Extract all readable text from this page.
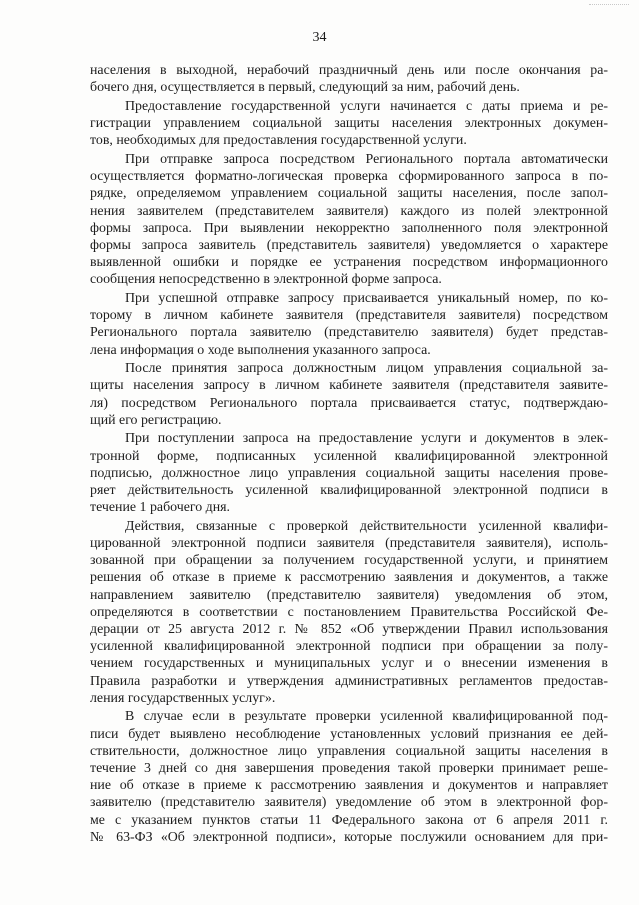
34
населения в выходной, нерабочий праздничный день или после окончания ра-
бочего дня, осуществляется в первый, следующий за ним, рабочий день.
Предоставление государственной услуги начинается с даты приема и ре-
гистрации управлением социальной защиты населения электронных докумен-
тов, необходимых для предоставления государственной услуги.
При отправке запроса посредством Регионального портала автоматически
осуществляется форматно-логическая проверка сформированного запроса в по-
рядке, определяемом управлением социальной защиты населения, после запол-
нения заявителем (представителем заявителя) каждого из полей электронной
формы запроса. При выявлении некорректно заполненного поля электронной
формы запроса заявитель (представитель заявителя) уведомляется о характере
выявленной ошибки и порядке ее устранения посредством информационного
сообщения непосредственно в электронной форме запроса.
При успешной отправке запросу присваивается уникальный номер, по ко-
торому в личном кабинете заявителя (представителя заявителя) посредством
Регионального портала заявителю (представителю заявителя) будет представ-
лена информация о ходе выполнения указанного запроса.
После принятия запроса должностным лицом управления социальной за-
щиты населения запросу в личном кабинете заявителя (представителя заявите-
ля) посредством Регионального портала присваивается статус, подтверждаю-
щий его регистрацию.
При поступлении запроса на предоставление услуги и документов в элек-
тронной форме, подписанных усиленной квалифицированной электронной
подписью, должностное лицо управления социальной защиты населения прове-
ряет действительность усиленной квалифицированной электронной подписи в
течение 1 рабочего дня.
Действия, связанные с проверкой действительности усиленной квалифи-
цированной электронной подписи заявителя (представителя заявителя), исполь-
зованной при обращении за получением государственной услуги, и принятием
решения об отказе в приеме к рассмотрению заявления и документов, а также
направлением заявителю (представителю заявителя) уведомления об этом,
определяются в соответствии с постановлением Правительства Российской Фе-
дерации от 25 августа 2012 г. № 852 «Об утверждении Правил использования
усиленной квалифицированной электронной подписи при обращении за полу-
чением государственных и муниципальных услуг и о внесении изменения в
Правила разработки и утверждения административных регламентов предостав-
ления государственных услуг».
В случае если в результате проверки усиленной квалифицированной под-
писи будет выявлено несоблюдение установленных условий признания ее дей-
ствительности, должностное лицо управления социальной защиты населения в
течение 3 дней со дня завершения проведения такой проверки принимает реше-
ние об отказе в приеме к рассмотрению заявления и документов и направляет
заявителю (представителю заявителя) уведомление об этом в электронной фор-
ме с указанием пунктов статьи 11 Федерального закона от 6 апреля 2011 г.
№ 63-ФЗ «Об электронной подписи», которые послужили основанием для при-
